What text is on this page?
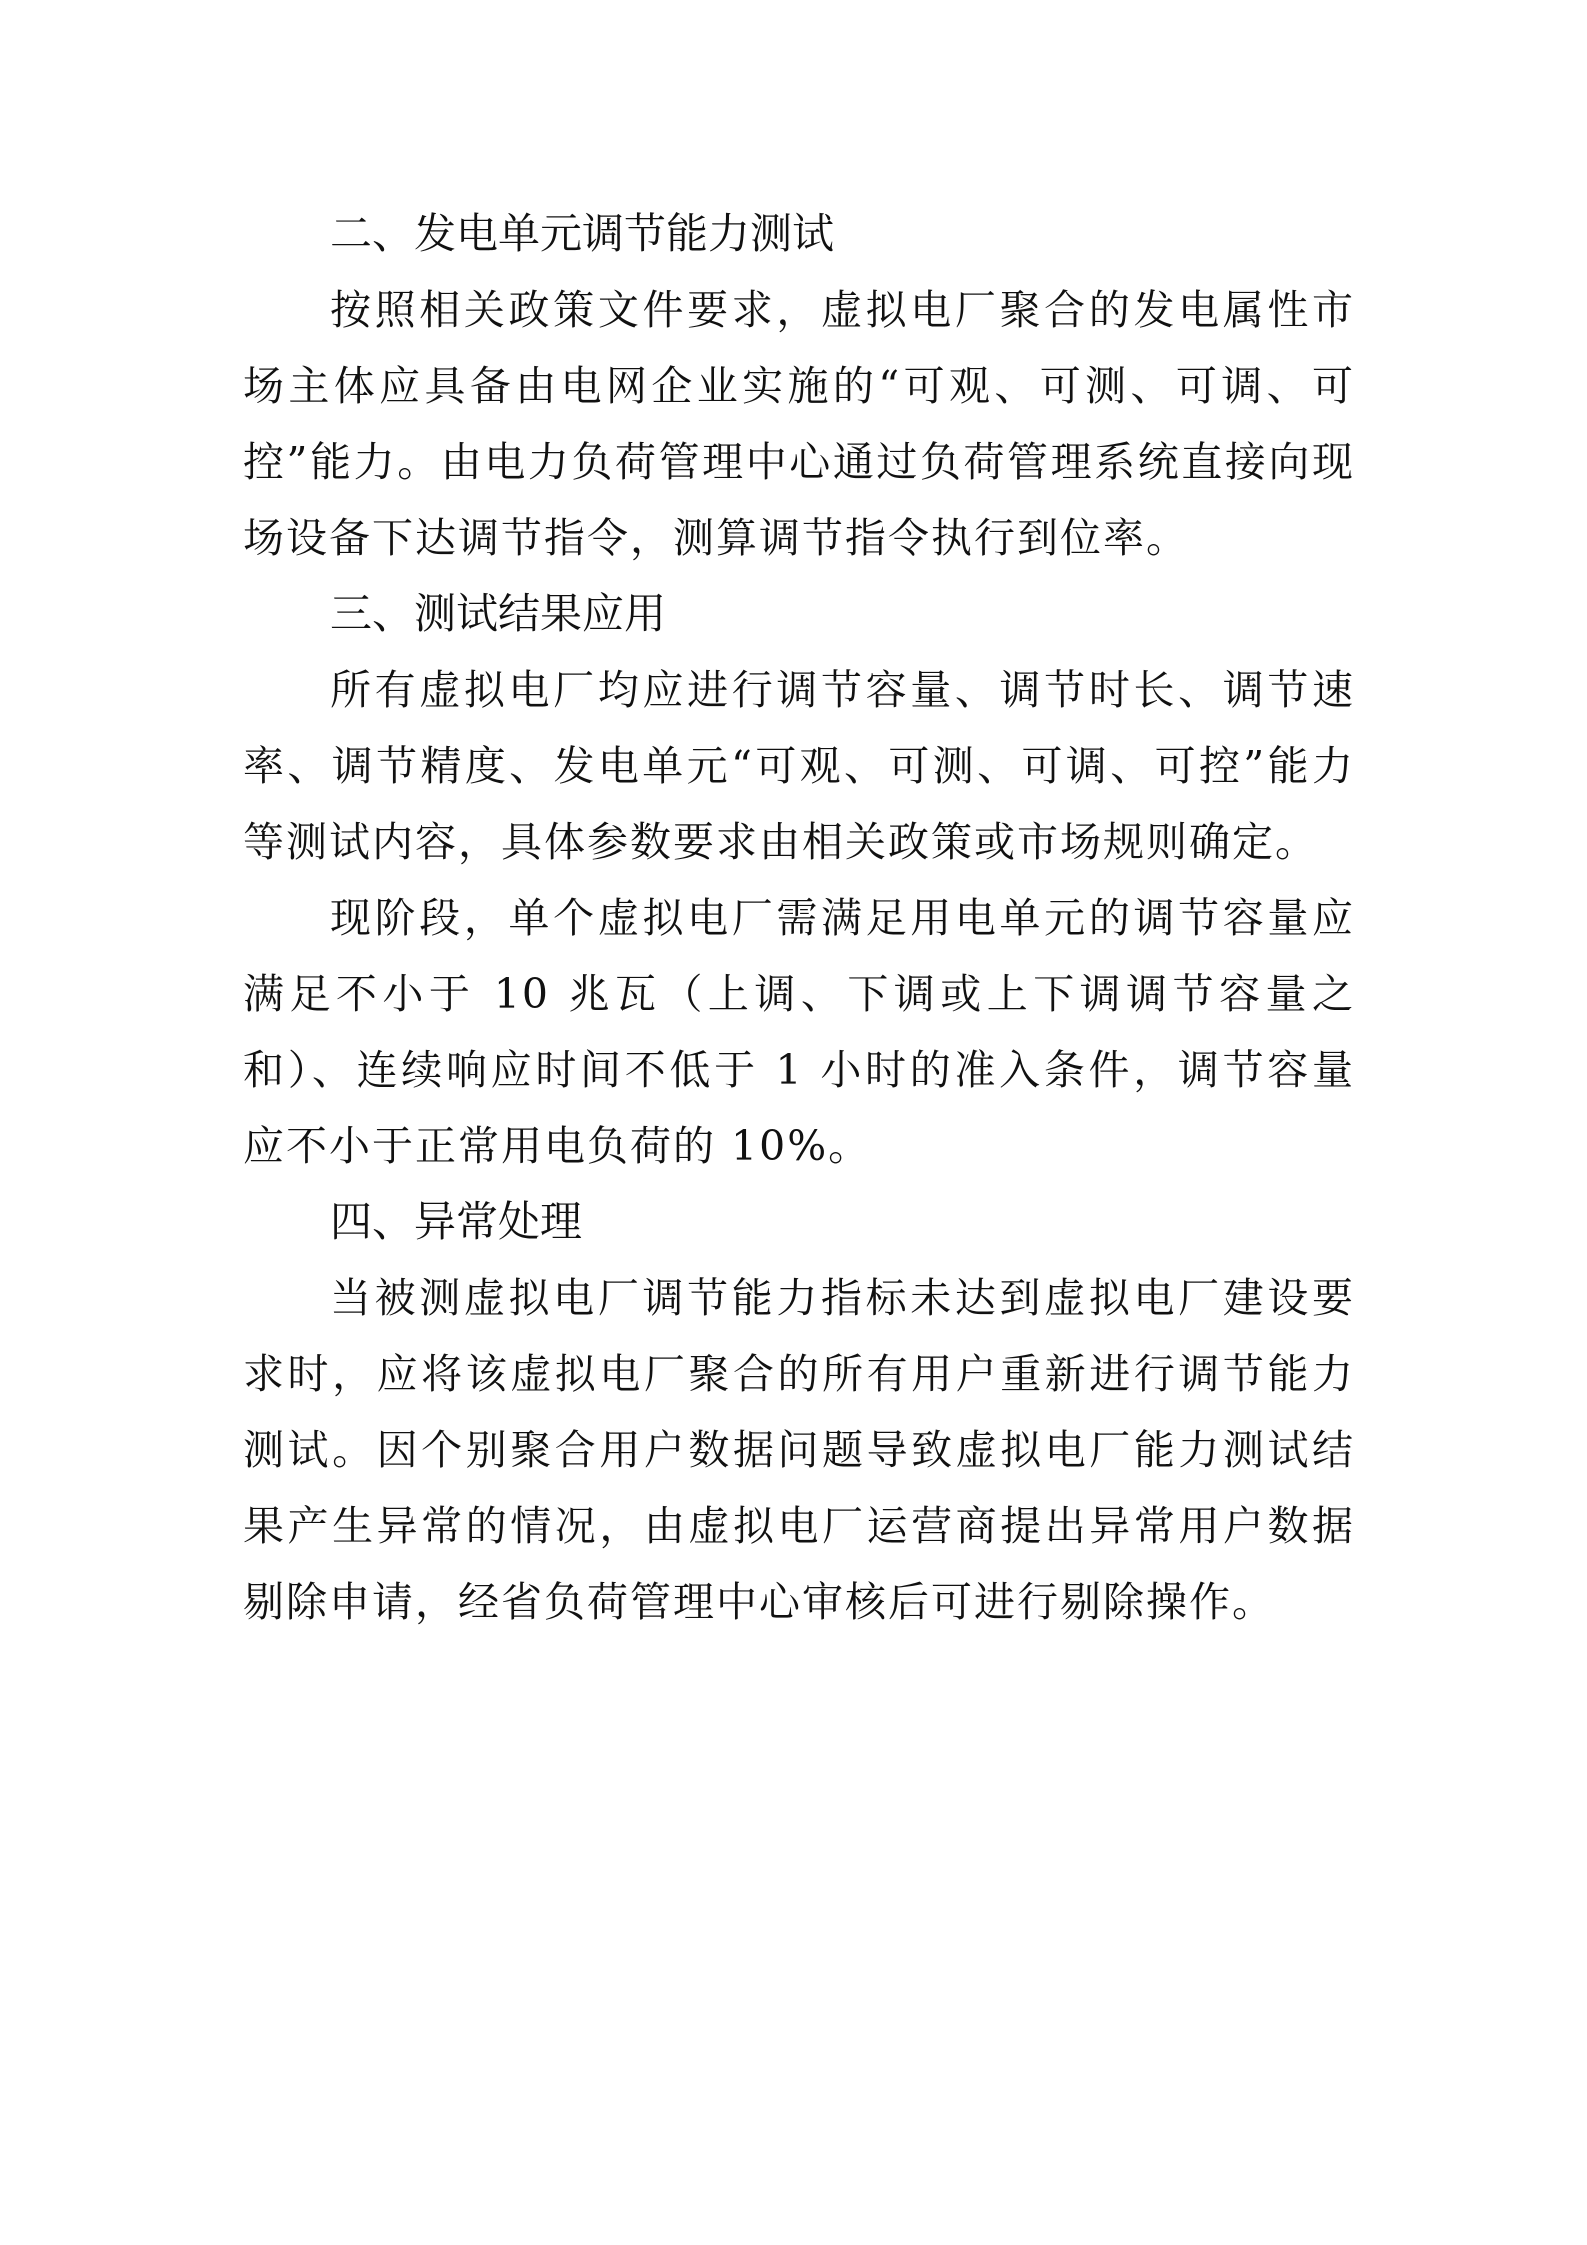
二、发电单元调节能力测试

按照相关政策文件要求，虚拟电厂聚合的发电属性市场主体应具备由电网企业实施的“可观、可测、可调、可控”能力。由电力负荷管理中心通过负荷管理系统直接向现场设备下达调节指令，测算调节指令执行到位率。

三、测试结果应用

所有虚拟电厂均应进行调节容量、调节时长、调节速率、调节精度、发电单元“可观、可测、可调、可控”能力等测试内容，具体参数要求由相关政策或市场规则确定。

现阶段，单个虚拟电厂需满足用电单元的调节容量应满足不小于 10 兆瓦（上调、下调或上下调调节容量之和）、连续响应时间不低于 1 小时的准入条件，调节容量应不小于正常用电负荷的 10%。

四、异常处理

当被测虚拟电厂调节能力指标未达到虚拟电厂建设要求时，应将该虚拟电厂聚合的所有用户重新进行调节能力测试。因个别聚合用户数据问题导致虚拟电厂能力测试结果产生异常的情况，由虚拟电厂运营商提出异常用户数据剔除申请，经省负荷管理中心审核后可进行剔除操作。
